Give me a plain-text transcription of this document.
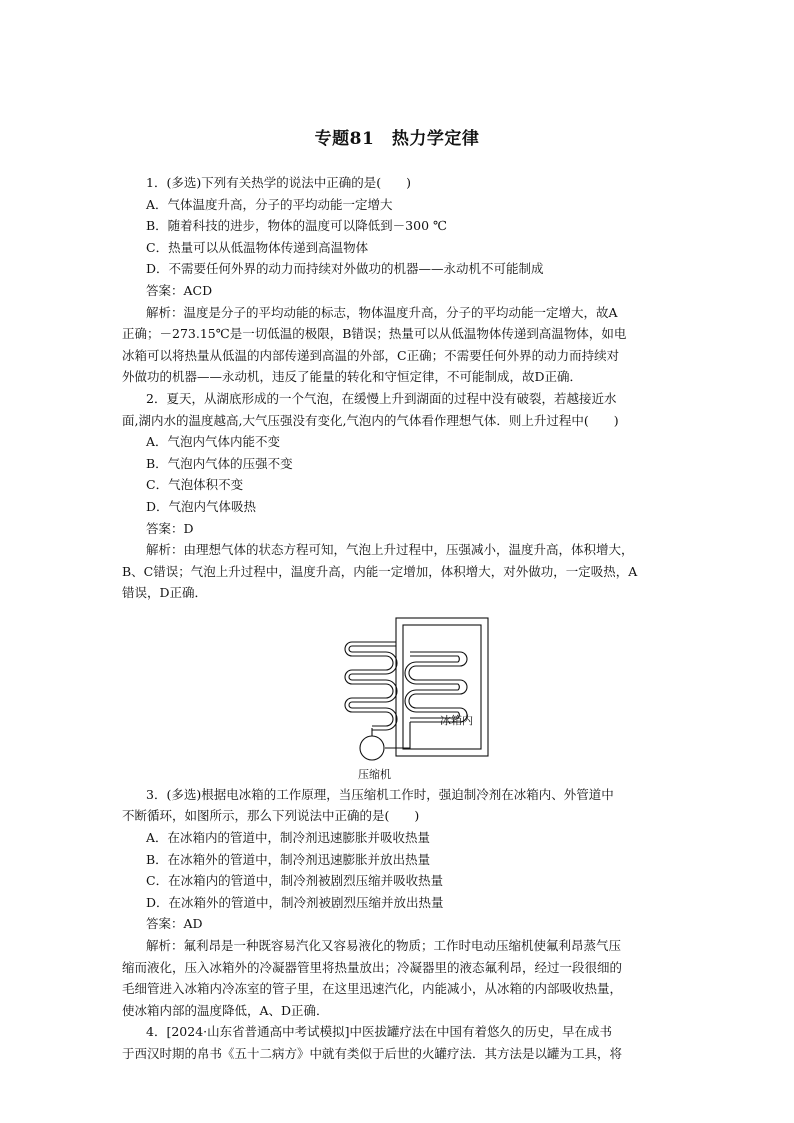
专题81　热力学定律
1．(多选)下列有关热学的说法中正确的是(　　)
A．气体温度升高，分子的平均动能一定增大
B．随着科技的进步，物体的温度可以降低到－300 ℃
C．热量可以从低温物体传递到高温物体
D．不需要任何外界的动力而持续对外做功的机器——永动机不可能制成
答案：ACD
解析：温度是分子的平均动能的标志，物体温度升高，分子的平均动能一定增大，故A
正确；－273.15℃是一切低温的极限，B错误；热量可以从低温物体传递到高温物体，如电
冰箱可以将热量从低温的内部传递到高温的外部，C正确；不需要任何外界的动力而持续对
外做功的机器——永动机，违反了能量的转化和守恒定律，不可能制成，故D正确．
2．夏天，从湖底形成的一个气泡，在缓慢上升到湖面的过程中没有破裂，若越接近水
面,湖内水的温度越高,大气压强没有变化,气泡内的气体看作理想气体．则上升过程中(　　)
A．气泡内气体内能不变
B．气泡内气体的压强不变
C．气泡体积不变
D．气泡内气体吸热
答案：D
解析：由理想气体的状态方程可知，气泡上升过程中，压强减小，温度升高，体积增大，
B、C错误；气泡上升过程中，温度升高，内能一定增加，体积增大，对外做功，一定吸热，A
错误，D正确．
冰箱内
压缩机
3．(多选)根据电冰箱的工作原理，当压缩机工作时，强迫制冷剂在冰箱内、外管道中
不断循环，如图所示，那么下列说法中正确的是(　　)
A．在冰箱内的管道中，制冷剂迅速膨胀并吸收热量
B．在冰箱外的管道中，制冷剂迅速膨胀并放出热量
C．在冰箱内的管道中，制冷剂被剧烈压缩并吸收热量
D．在冰箱外的管道中，制冷剂被剧烈压缩并放出热量
答案：AD
解析：氟利昂是一种既容易汽化又容易液化的物质；工作时电动压缩机使氟利昂蒸气压
缩而液化，压入冰箱外的冷凝器管里将热量放出；冷凝器里的液态氟利昂，经过一段很细的
毛细管进入冰箱内冷冻室的管子里，在这里迅速汽化，内能减小，从冰箱的内部吸收热量，
使冰箱内部的温度降低，A、D正确．
4．[2024·山东省普通高中考试模拟]中医拔罐疗法在中国有着悠久的历史，早在成书
于西汉时期的帛书《五十二病方》中就有类似于后世的火罐疗法．其方法是以罐为工具，将
